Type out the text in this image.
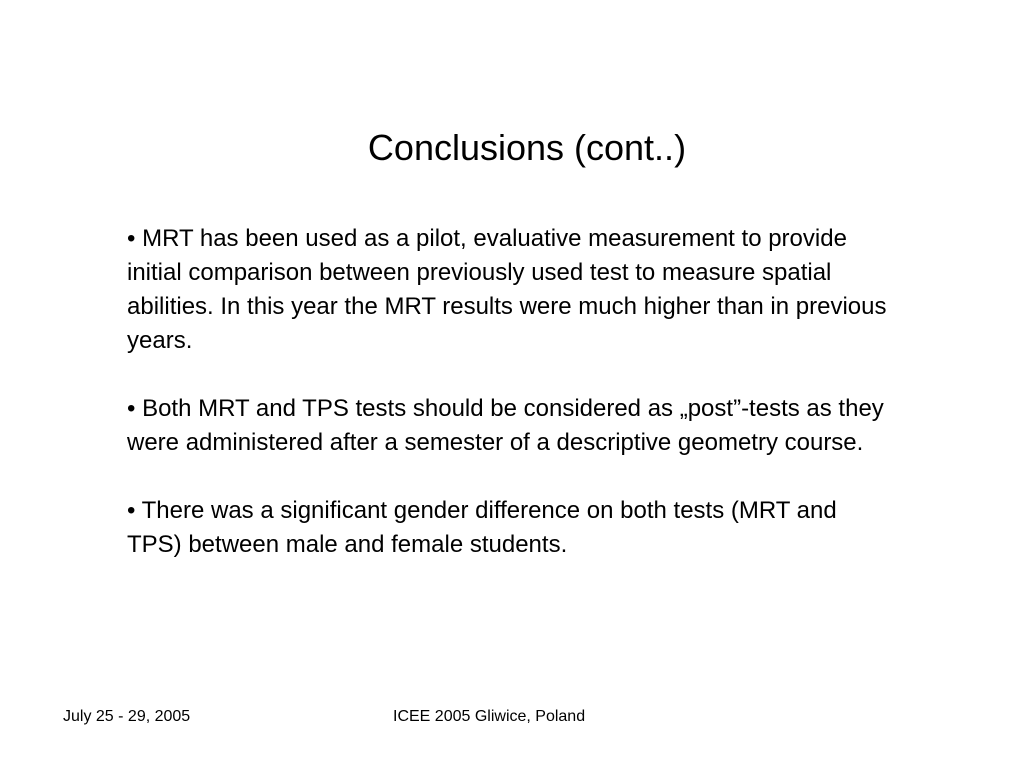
Conclusions (cont..)

• MRT has been used as a pilot, evaluative measurement to provide initial comparison between previously used test to measure spatial abilities. In this year the MRT results were much higher than in previous years.

• Both MRT and TPS tests should be considered as „post”-tests as they were administered after a semester of a descriptive geometry course.

• There was a significant gender difference on both tests (MRT and TPS) between male and female students.

July 25 - 29, 2005	ICEE 2005 Gliwice, Poland
